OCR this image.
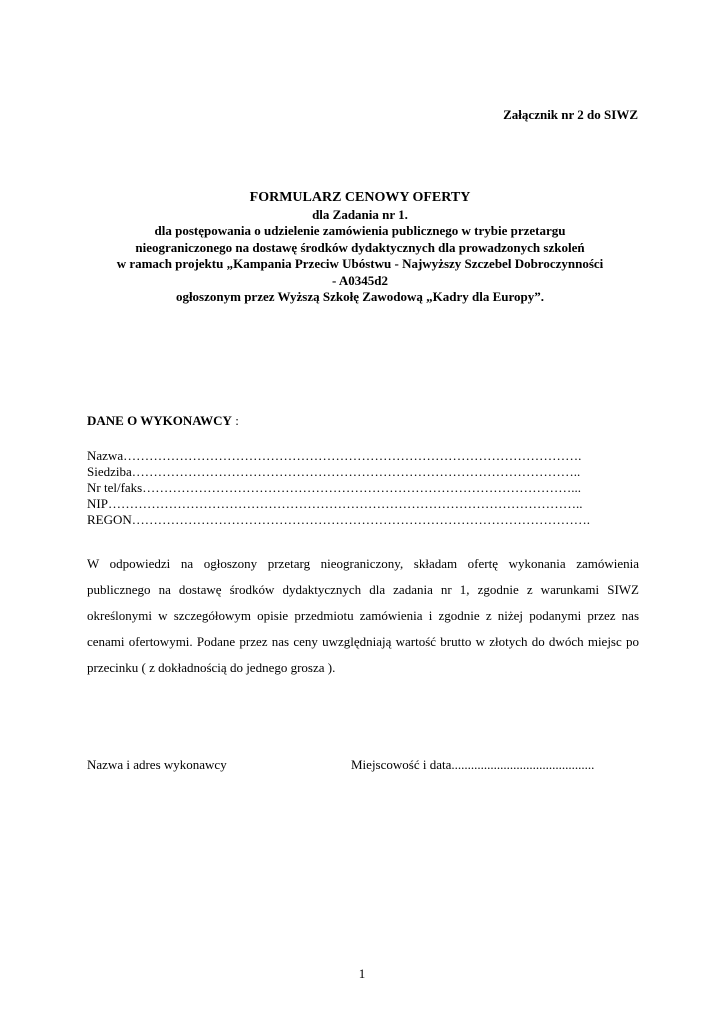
Załącznik nr 2 do SIWZ
FORMULARZ CENOWY OFERTY
dla Zadania nr 1.
dla postępowania o udzielenie zamówienia publicznego w trybie przetargu
nieograniczonego na dostawę środków dydaktycznych dla prowadzonych szkoleń
w ramach projektu „Kampania Przeciw Ubóstwu - Najwyższy Szczebel Dobroczynności
- A0345d2
ogłoszonym przez Wyższą Szkołę Zawodową „Kadry dla Europy”.
DANE O WYKONAWCY :
Nazwa…………………………………………………………………………………………….
Siedziba…………………………………………………………………………………………..
Nr tel/faks………………………………………………………………………………………...
NIP………………………………………………………………………………………………..
REGON…………………………………………………………………………………………….
W odpowiedzi na ogłoszony przetarg nieograniczony, składam ofertę wykonania zamówienia publicznego na dostawę środków dydaktycznych dla zadania nr 1, zgodnie z warunkami SIWZ określonymi w szczegółowym opisie przedmiotu zamówienia i zgodnie z niżej podanymi przez nas cenami ofertowymi. Podane przez nas ceny uwzględniają wartość brutto w złotych do dwóch miejsc po przecinku ( z dokładnością do jednego grosza ).
Nazwa i adres wykonawcy	Miejscowość i data............................................
1
